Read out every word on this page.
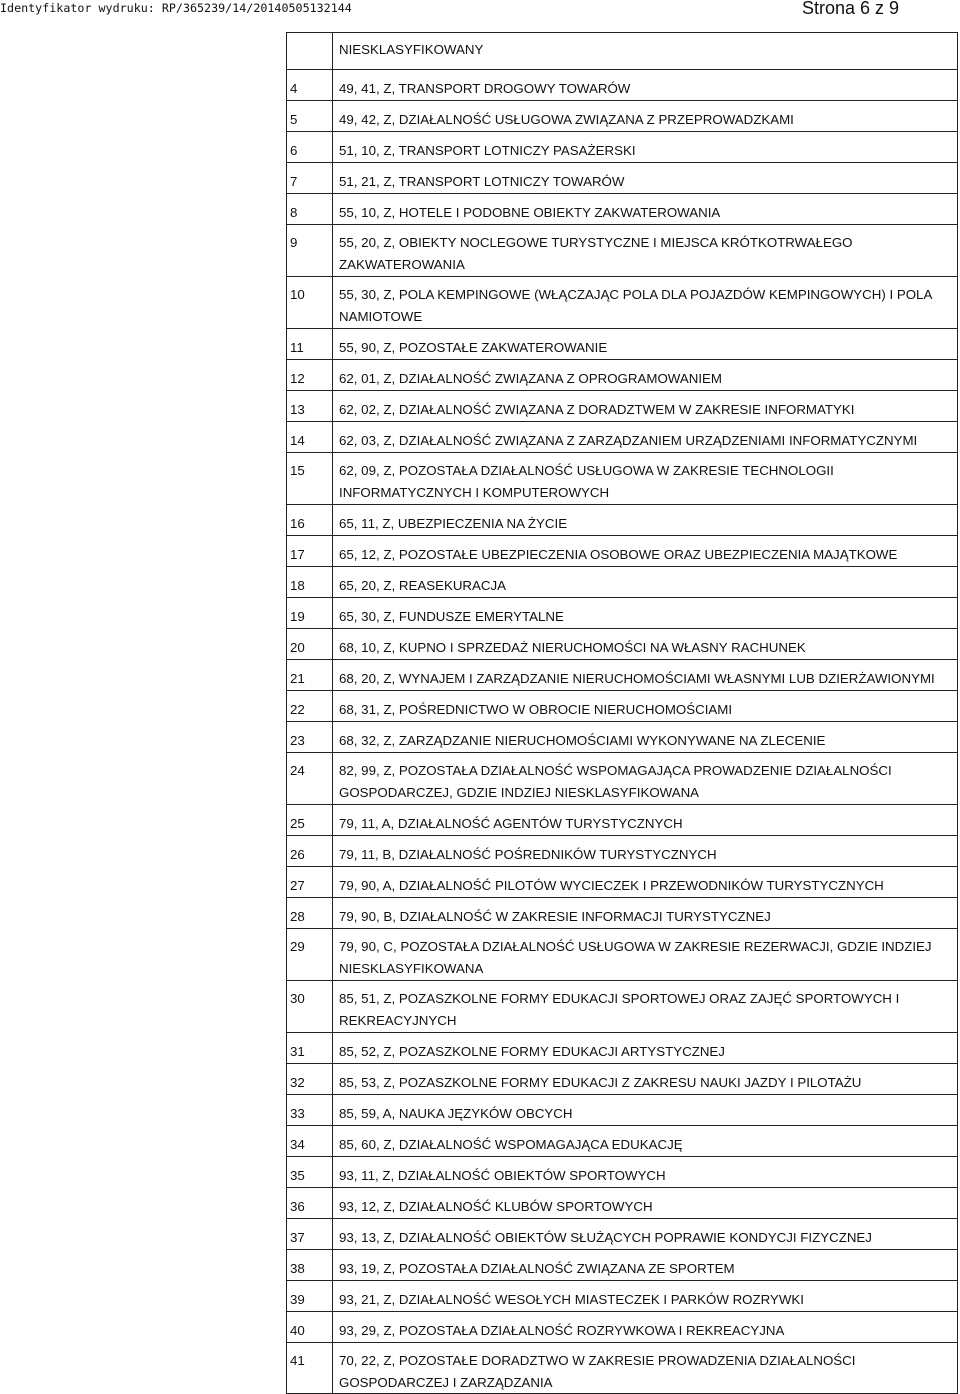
Identyfikator wydruku: RP/365239/14/20140505132144	Strona 6 z 9
NIESKLASYFIKOWANY
4	49, 41, Z, TRANSPORT DROGOWY TOWARÓW
5	49, 42, Z, DZIAŁALNOŚĆ USŁUGOWA ZWIĄZANA Z PRZEPROWADZKAMI
6	51, 10, Z, TRANSPORT LOTNICZY PASAŻERSKI
7	51, 21, Z, TRANSPORT LOTNICZY TOWARÓW
8	55, 10, Z, HOTELE I PODOBNE OBIEKTY ZAKWATEROWANIA
9	55, 20, Z, OBIEKTY NOCLEGOWE TURYSTYCZNE I MIEJSCA KRÓTKOTRWAŁEGO
ZAKWATEROWANIA
10	55, 30, Z, POLA KEMPINGOWE (WŁĄCZAJĄC POLA DLA POJAZDÓW KEMPINGOWYCH) I POLA
NAMIOTOWE
11	55, 90, Z, POZOSTAŁE ZAKWATEROWANIE
12	62, 01, Z, DZIAŁALNOŚĆ ZWIĄZANA Z OPROGRAMOWANIEM
13	62, 02, Z, DZIAŁALNOŚĆ ZWIĄZANA Z DORADZTWEM W ZAKRESIE INFORMATYKI
14	62, 03, Z, DZIAŁALNOŚĆ ZWIĄZANA Z ZARZĄDZANIEM URZĄDZENIAMI INFORMATYCZNYMI
15	62, 09, Z, POZOSTAŁA DZIAŁALNOŚĆ USŁUGOWA W ZAKRESIE TECHNOLOGII
INFORMATYCZNYCH I KOMPUTEROWYCH
16	65, 11, Z, UBEZPIECZENIA NA ŻYCIE
17	65, 12, Z, POZOSTAŁE UBEZPIECZENIA OSOBOWE ORAZ UBEZPIECZENIA MAJĄTKOWE
18	65, 20, Z, REASEKURACJA
19	65, 30, Z, FUNDUSZE EMERYTALNE
20	68, 10, Z, KUPNO I SPRZEDAŻ NIERUCHOMOŚCI NA WŁASNY RACHUNEK
21	68, 20, Z, WYNAJEM I ZARZĄDZANIE NIERUCHOMOŚCIAMI WŁASNYMI LUB DZIERŻAWIONYMI
22	68, 31, Z, POŚREDNICTWO W OBROCIE NIERUCHOMOŚCIAMI
23	68, 32, Z, ZARZĄDZANIE NIERUCHOMOŚCIAMI WYKONYWANE NA ZLECENIE
24	82, 99, Z, POZOSTAŁA DZIAŁALNOŚĆ WSPOMAGAJĄCA PROWADZENIE DZIAŁALNOŚCI
GOSPODARCZEJ, GDZIE INDZIEJ NIESKLASYFIKOWANA
25	79, 11, A, DZIAŁALNOŚĆ AGENTÓW TURYSTYCZNYCH
26	79, 11, B, DZIAŁALNOŚĆ POŚREDNIKÓW TURYSTYCZNYCH
27	79, 90, A, DZIAŁALNOŚĆ PILOTÓW WYCIECZEK I PRZEWODNIKÓW TURYSTYCZNYCH
28	79, 90, B, DZIAŁALNOŚĆ W ZAKRESIE INFORMACJI TURYSTYCZNEJ
29	79, 90, C, POZOSTAŁA DZIAŁALNOŚĆ USŁUGOWA W ZAKRESIE REZERWACJI, GDZIE INDZIEJ
NIESKLASYFIKOWANA
30	85, 51, Z, POZASZKOLNE FORMY EDUKACJI SPORTOWEJ ORAZ ZAJĘĆ SPORTOWYCH I
REKREACYJNYCH
31	85, 52, Z, POZASZKOLNE FORMY EDUKACJI ARTYSTYCZNEJ
32	85, 53, Z, POZASZKOLNE FORMY EDUKACJI Z ZAKRESU NAUKI JAZDY I PILOTAŻU
33	85, 59, A, NAUKA JĘZYKÓW OBCYCH
34	85, 60, Z, DZIAŁALNOŚĆ WSPOMAGAJĄCA EDUKACJĘ
35	93, 11, Z, DZIAŁALNOŚĆ OBIEKTÓW SPORTOWYCH
36	93, 12, Z, DZIAŁALNOŚĆ KLUBÓW SPORTOWYCH
37	93, 13, Z, DZIAŁALNOŚĆ OBIEKTÓW SŁUŻĄCYCH POPRAWIE KONDYCJI FIZYCZNEJ
38	93, 19, Z, POZOSTAŁA DZIAŁALNOŚĆ ZWIĄZANA ZE SPORTEM
39	93, 21, Z, DZIAŁALNOŚĆ WESOŁYCH MIASTECZEK I PARKÓW ROZRYWKI
40	93, 29, Z, POZOSTAŁA DZIAŁALNOŚĆ ROZRYWKOWA I REKREACYJNA
41	70, 22, Z, POZOSTAŁE DORADZTWO W ZAKRESIE PROWADZENIA DZIAŁALNOŚCI
GOSPODARCZEJ I ZARZĄDZANIA
